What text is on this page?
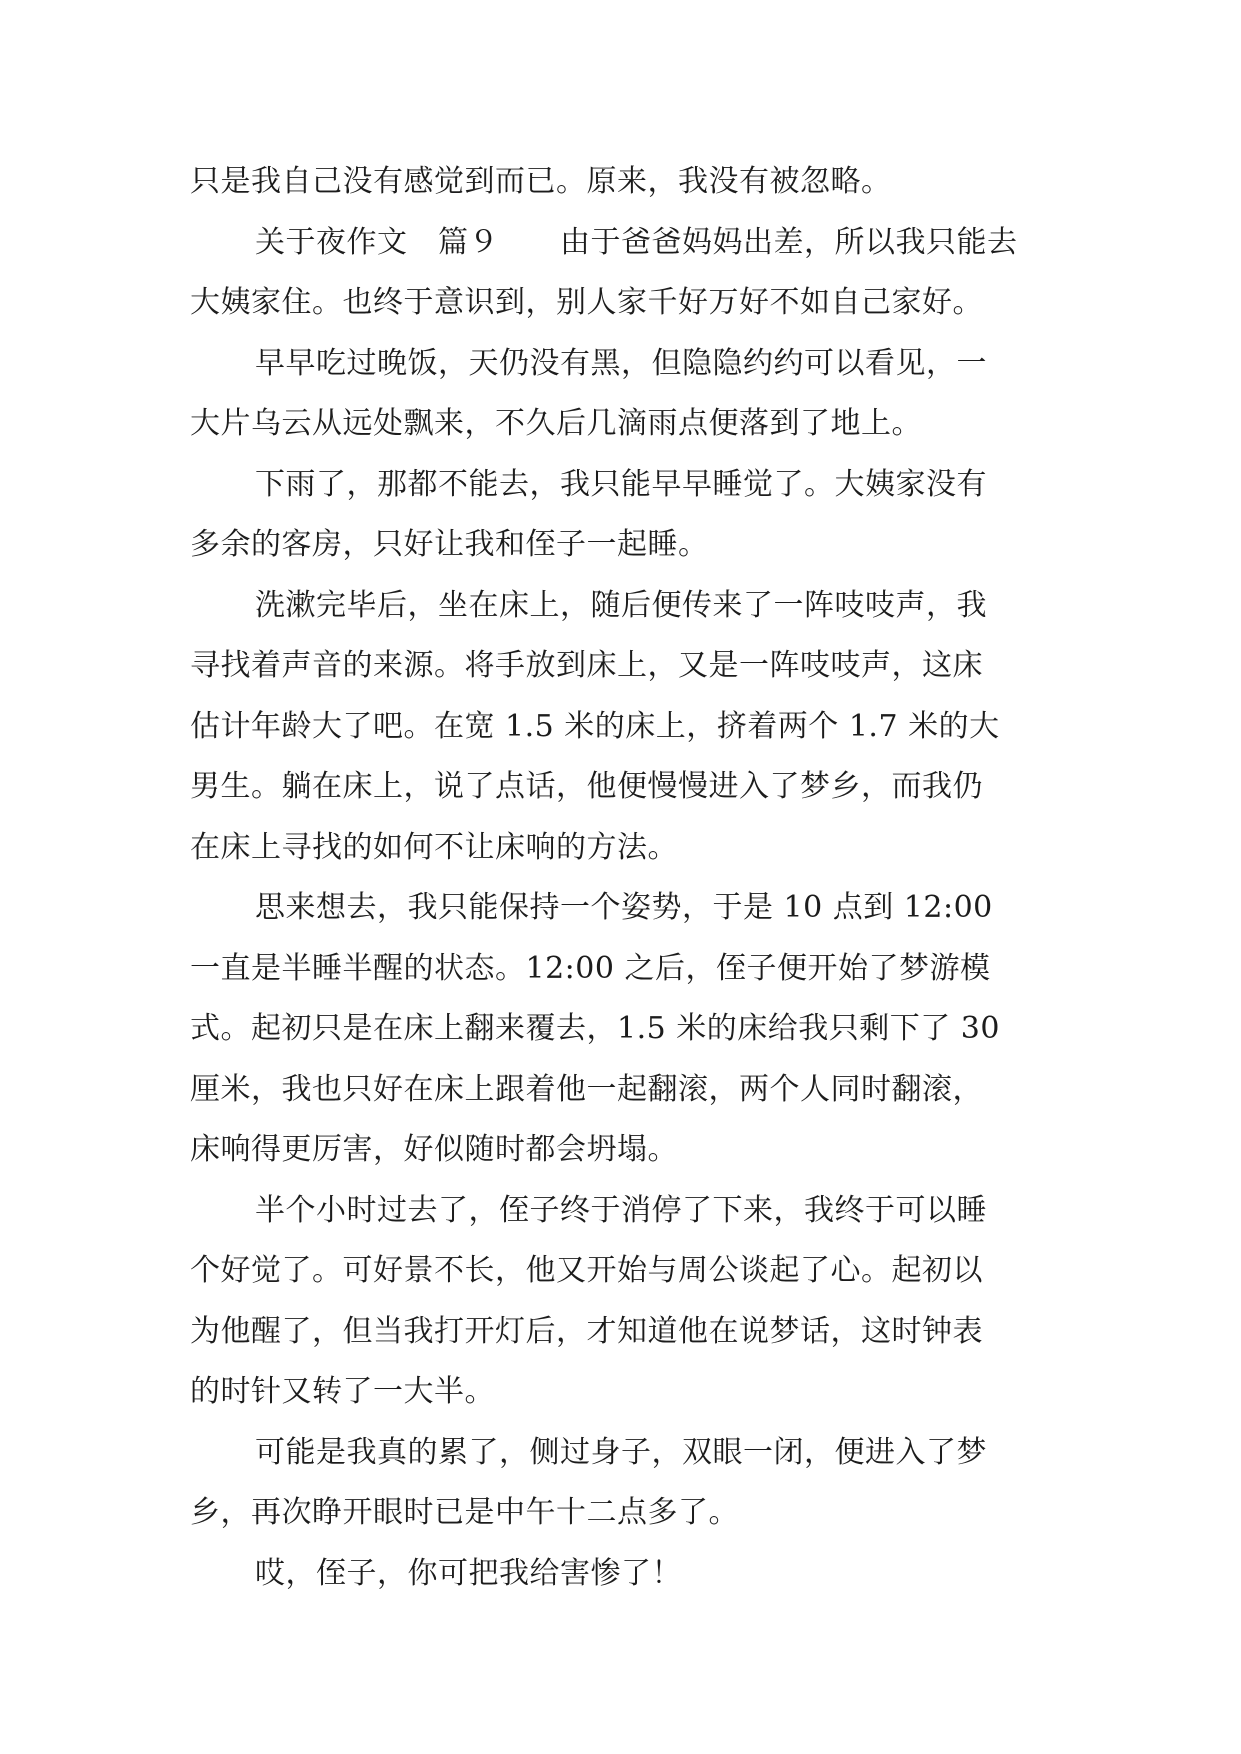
只是我自己没有感觉到而已。原来，我没有被忽略。
关于夜作文　篇９　　由于爸爸妈妈出差，所以我只能去
大姨家住。也终于意识到，别人家千好万好不如自己家好。
早早吃过晚饭，天仍没有黑，但隐隐约约可以看见，一
大片乌云从远处飘来，不久后几滴雨点便落到了地上。
下雨了，那都不能去，我只能早早睡觉了。大姨家没有
多余的客房，只好让我和侄子一起睡。
洗漱完毕后，坐在床上，随后便传来了一阵吱吱声，我
寻找着声音的来源。将手放到床上，又是一阵吱吱声，这床
估计年龄大了吧。在宽 1.5 米的床上，挤着两个 1.7 米的大
男生。躺在床上，说了点话，他便慢慢进入了梦乡，而我仍
在床上寻找的如何不让床响的方法。
思来想去，我只能保持一个姿势，于是 10 点到 12:00
一直是半睡半醒的状态。12:00 之后，侄子便开始了梦游模
式。起初只是在床上翻来覆去，1.5 米的床给我只剩下了 30
厘米，我也只好在床上跟着他一起翻滚，两个人同时翻滚，
床响得更厉害，好似随时都会坍塌。
半个小时过去了，侄子终于消停了下来，我终于可以睡
个好觉了。可好景不长，他又开始与周公谈起了心。起初以
为他醒了，但当我打开灯后，才知道他在说梦话，这时钟表
的时针又转了一大半。
可能是我真的累了，侧过身子，双眼一闭，便进入了梦
乡，再次睁开眼时已是中午十二点多了。
哎，侄子，你可把我给害惨了！
